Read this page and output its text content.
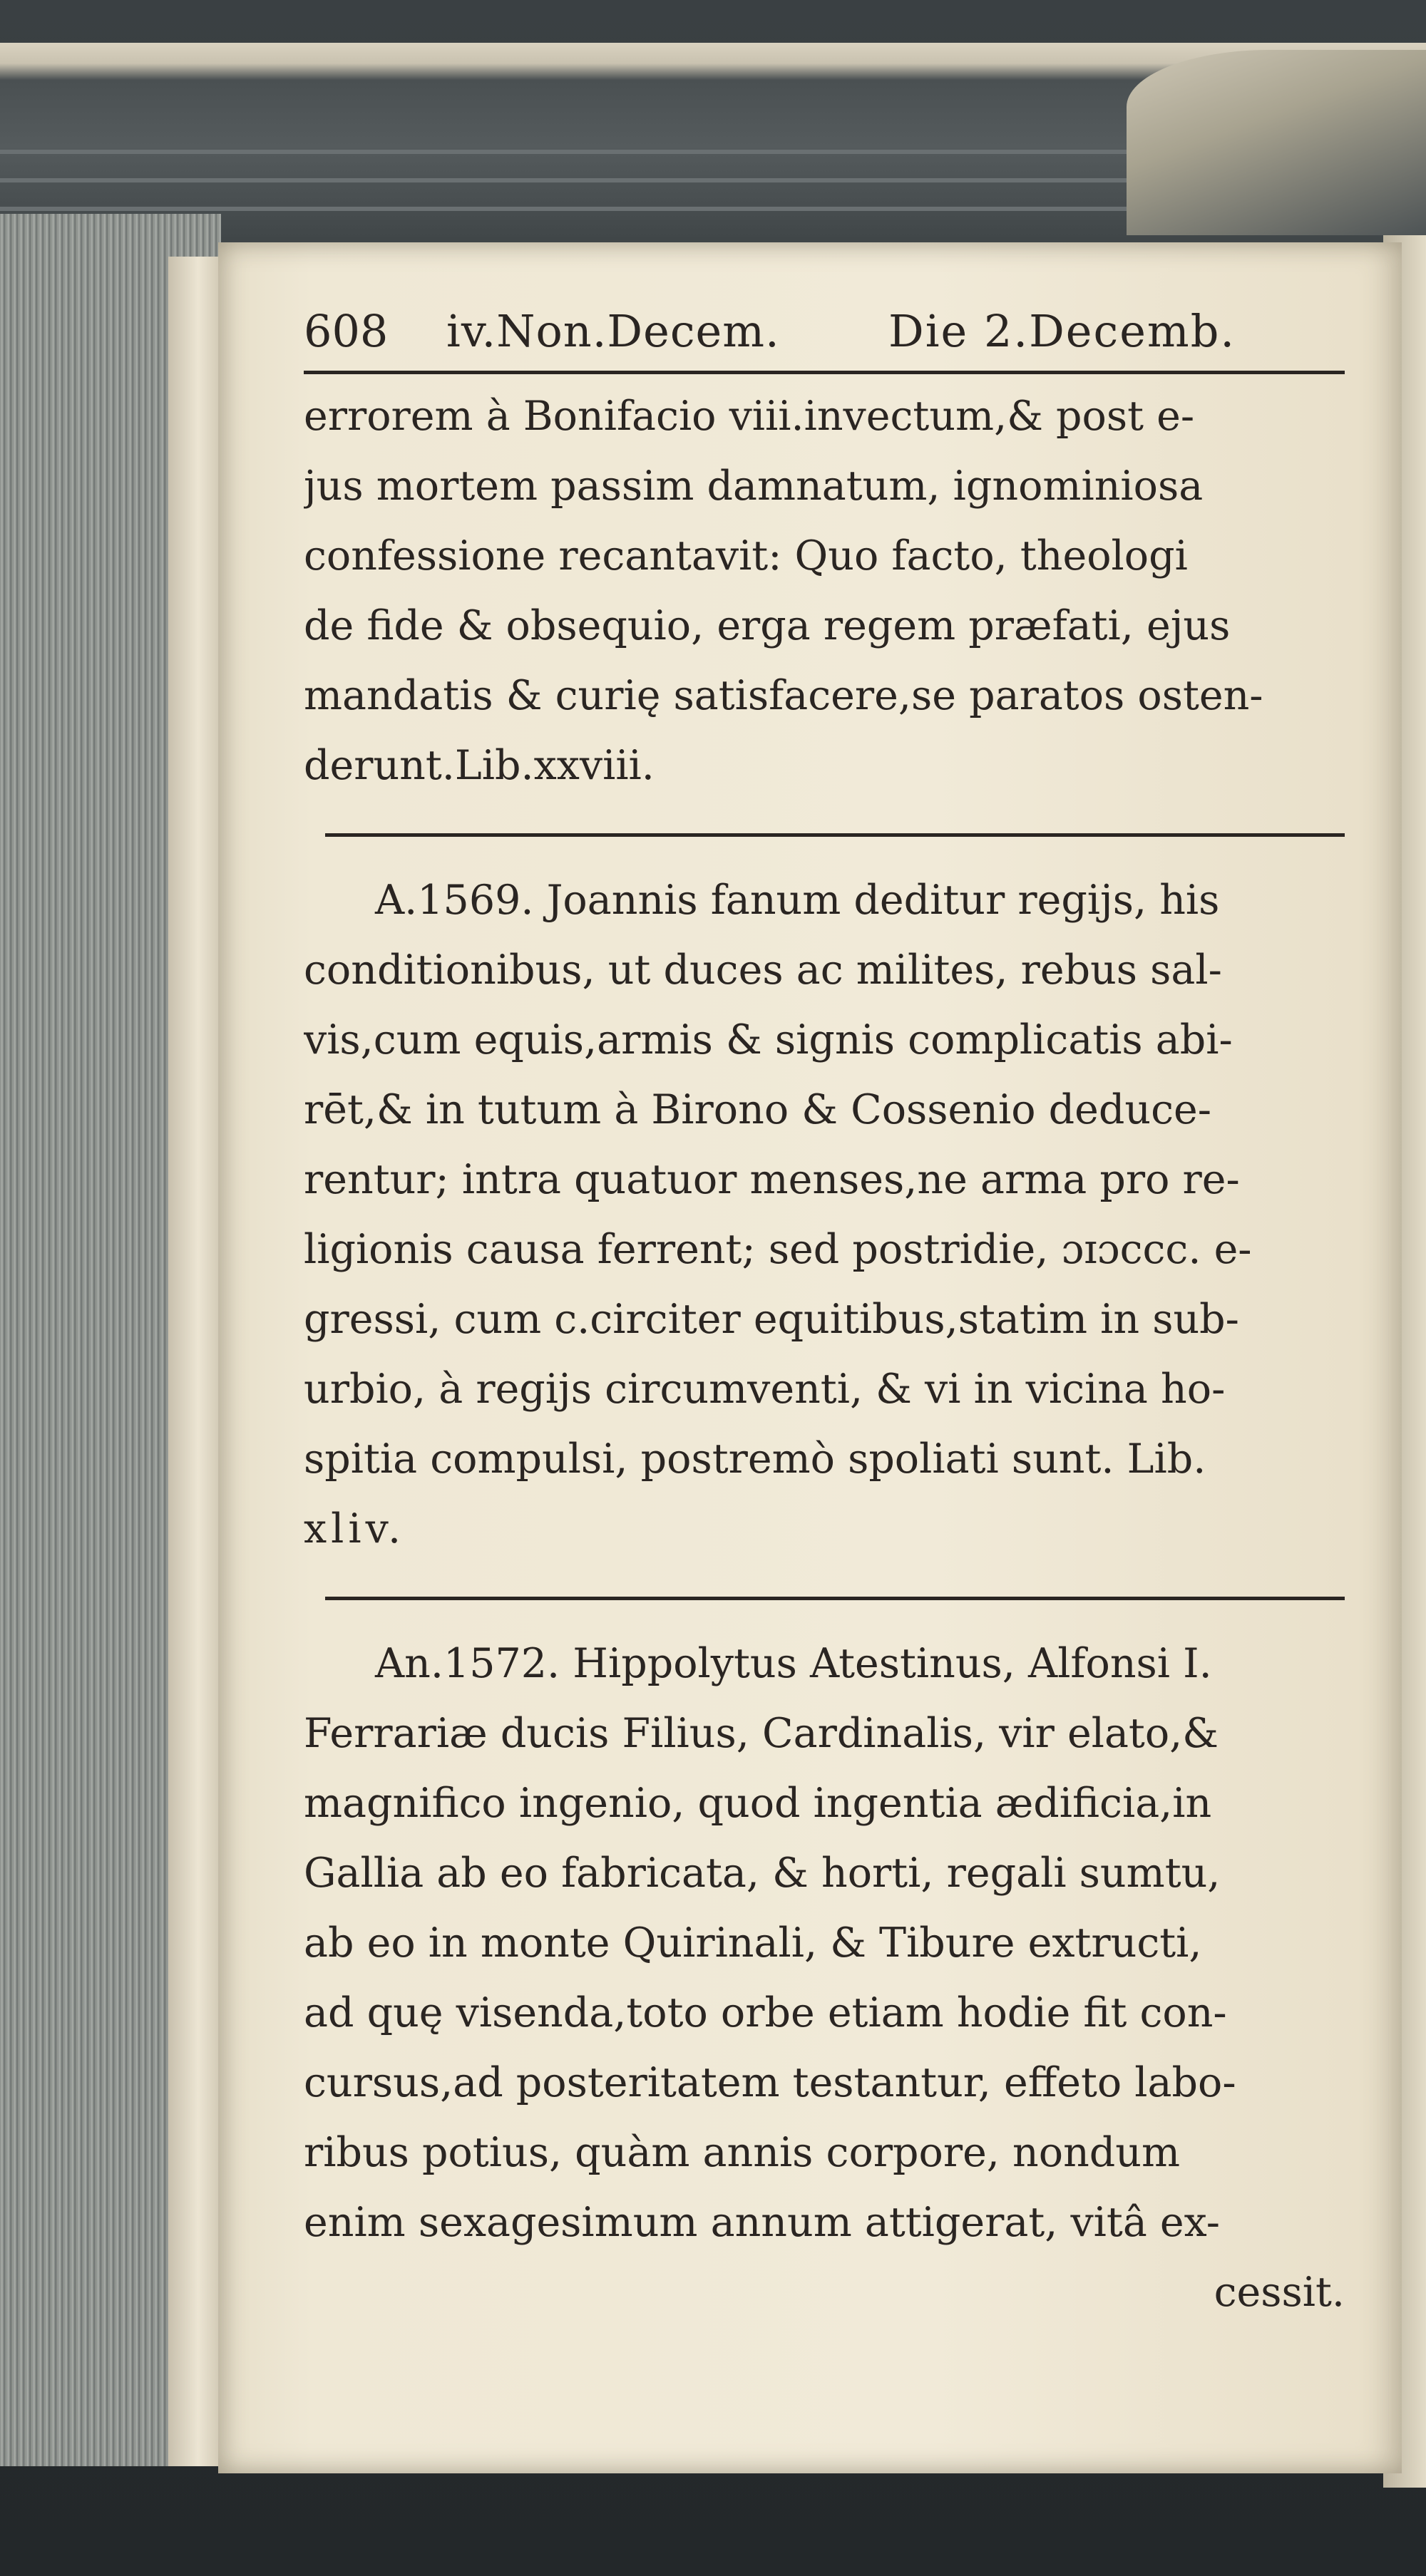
608	iv.Non.Decem.	Die 2.Decemb.
errorem à Bonifacio viii.invectum,& post e-
jus mortem passim damnatum, ignominiosa
confessione recantavit: Quo facto, theologi
de fide & obsequio, erga regem præfati, ejus
mandatis & curię satisfacere,se paratos osten-
derunt.Lib.xxviii.
A.1569. Joannis fanum deditur regijs, his
conditionibus, ut duces ac milites, rebus sal-
vis,cum equis,armis & signis complicatis abi-
rēt,& in tutum à Birono & Cossenio deduce-
rentur; intra quatuor menses,ne arma pro re-
ligionis causa ferrent; sed postridie, ɔɪɔccc. e-
gressi, cum c.circiter equitibus,statim in sub-
urbio, à regijs circumventi, & vi in vicina ho-
spitia compulsi, postremò spoliati sunt. Lib.
xliv.
An.1572. Hippolytus Atestinus, Alfonsi I.
Ferrariæ ducis Filius, Cardinalis, vir elato,&
magnifico ingenio, quod ingentia ædificia,in
Gallia ab eo fabricata, & horti, regali sumtu,
ab eo in monte Quirinali, & Tibure extructi,
ad quę visenda,toto orbe etiam hodie fit con-
cursus,ad posteritatem testantur, effeto labo-
ribus potius, quàm annis corpore, nondum
enim sexagesimum annum attigerat, vitâ ex-
cessit.
